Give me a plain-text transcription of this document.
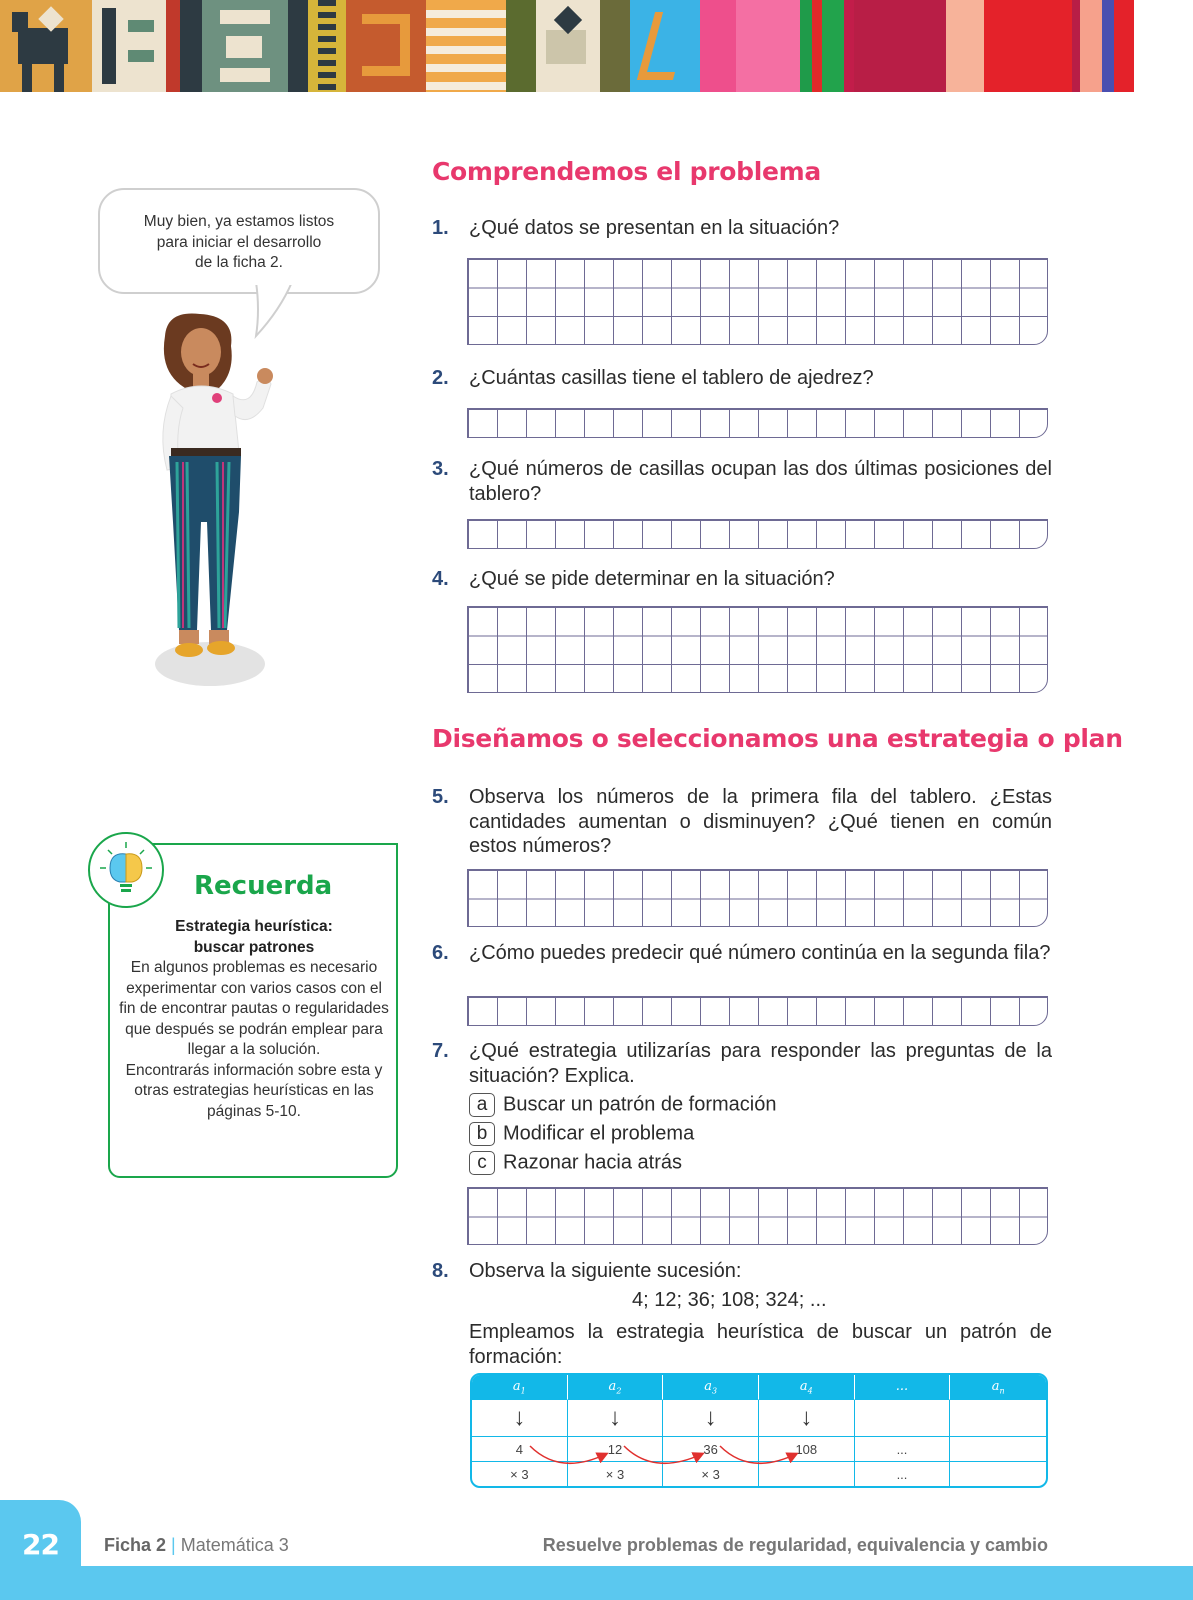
Muy bien, ya estamos listos
para iniciar el desarrollo
de la ficha 2.
Comprendemos el problema
1. ¿Qué datos se presentan en la situación?
2. ¿Cuántas casillas tiene el tablero de ajedrez?
3. ¿Qué números de casillas ocupan las dos últimas posiciones del tablero?
4. ¿Qué se pide determinar en la situación?
Diseñamos o seleccionamos una estrategia o plan
5. Observa los números de la primera fila del tablero. ¿Estas cantidades aumentan o disminuyen? ¿Qué tienen en común estos números?
6. ¿Cómo puedes predecir qué número continúa en la segunda fila?
7. ¿Qué estrategia utilizarías para responder las preguntas de la situación? Explica.
a Buscar un patrón de formación
b Modificar el problema
c Razonar hacia atrás
8. Observa la siguiente sucesión:
4; 12; 36; 108; 324; ...
Empleamos la estrategia heurística de buscar un patrón de formación:
$a_1$	$a_2$	$a_3$	$a_4$	...	$a_n$
↓	↓	↓	↓		
4	12	36	108	...	
× 3	× 3	× 3		...	
Recuerda
Estrategia heurística:
buscar patrones
En algunos problemas es necesario experimentar con varios casos con el fin de encontrar pautas o regularidades que después se podrán emplear para llegar a la solución.
Encontrarás información sobre esta y otras estrategias heurísticas en las páginas 5-10.
22	Ficha 2 | Matemática 3	Resuelve problemas de regularidad, equivalencia y cambio
